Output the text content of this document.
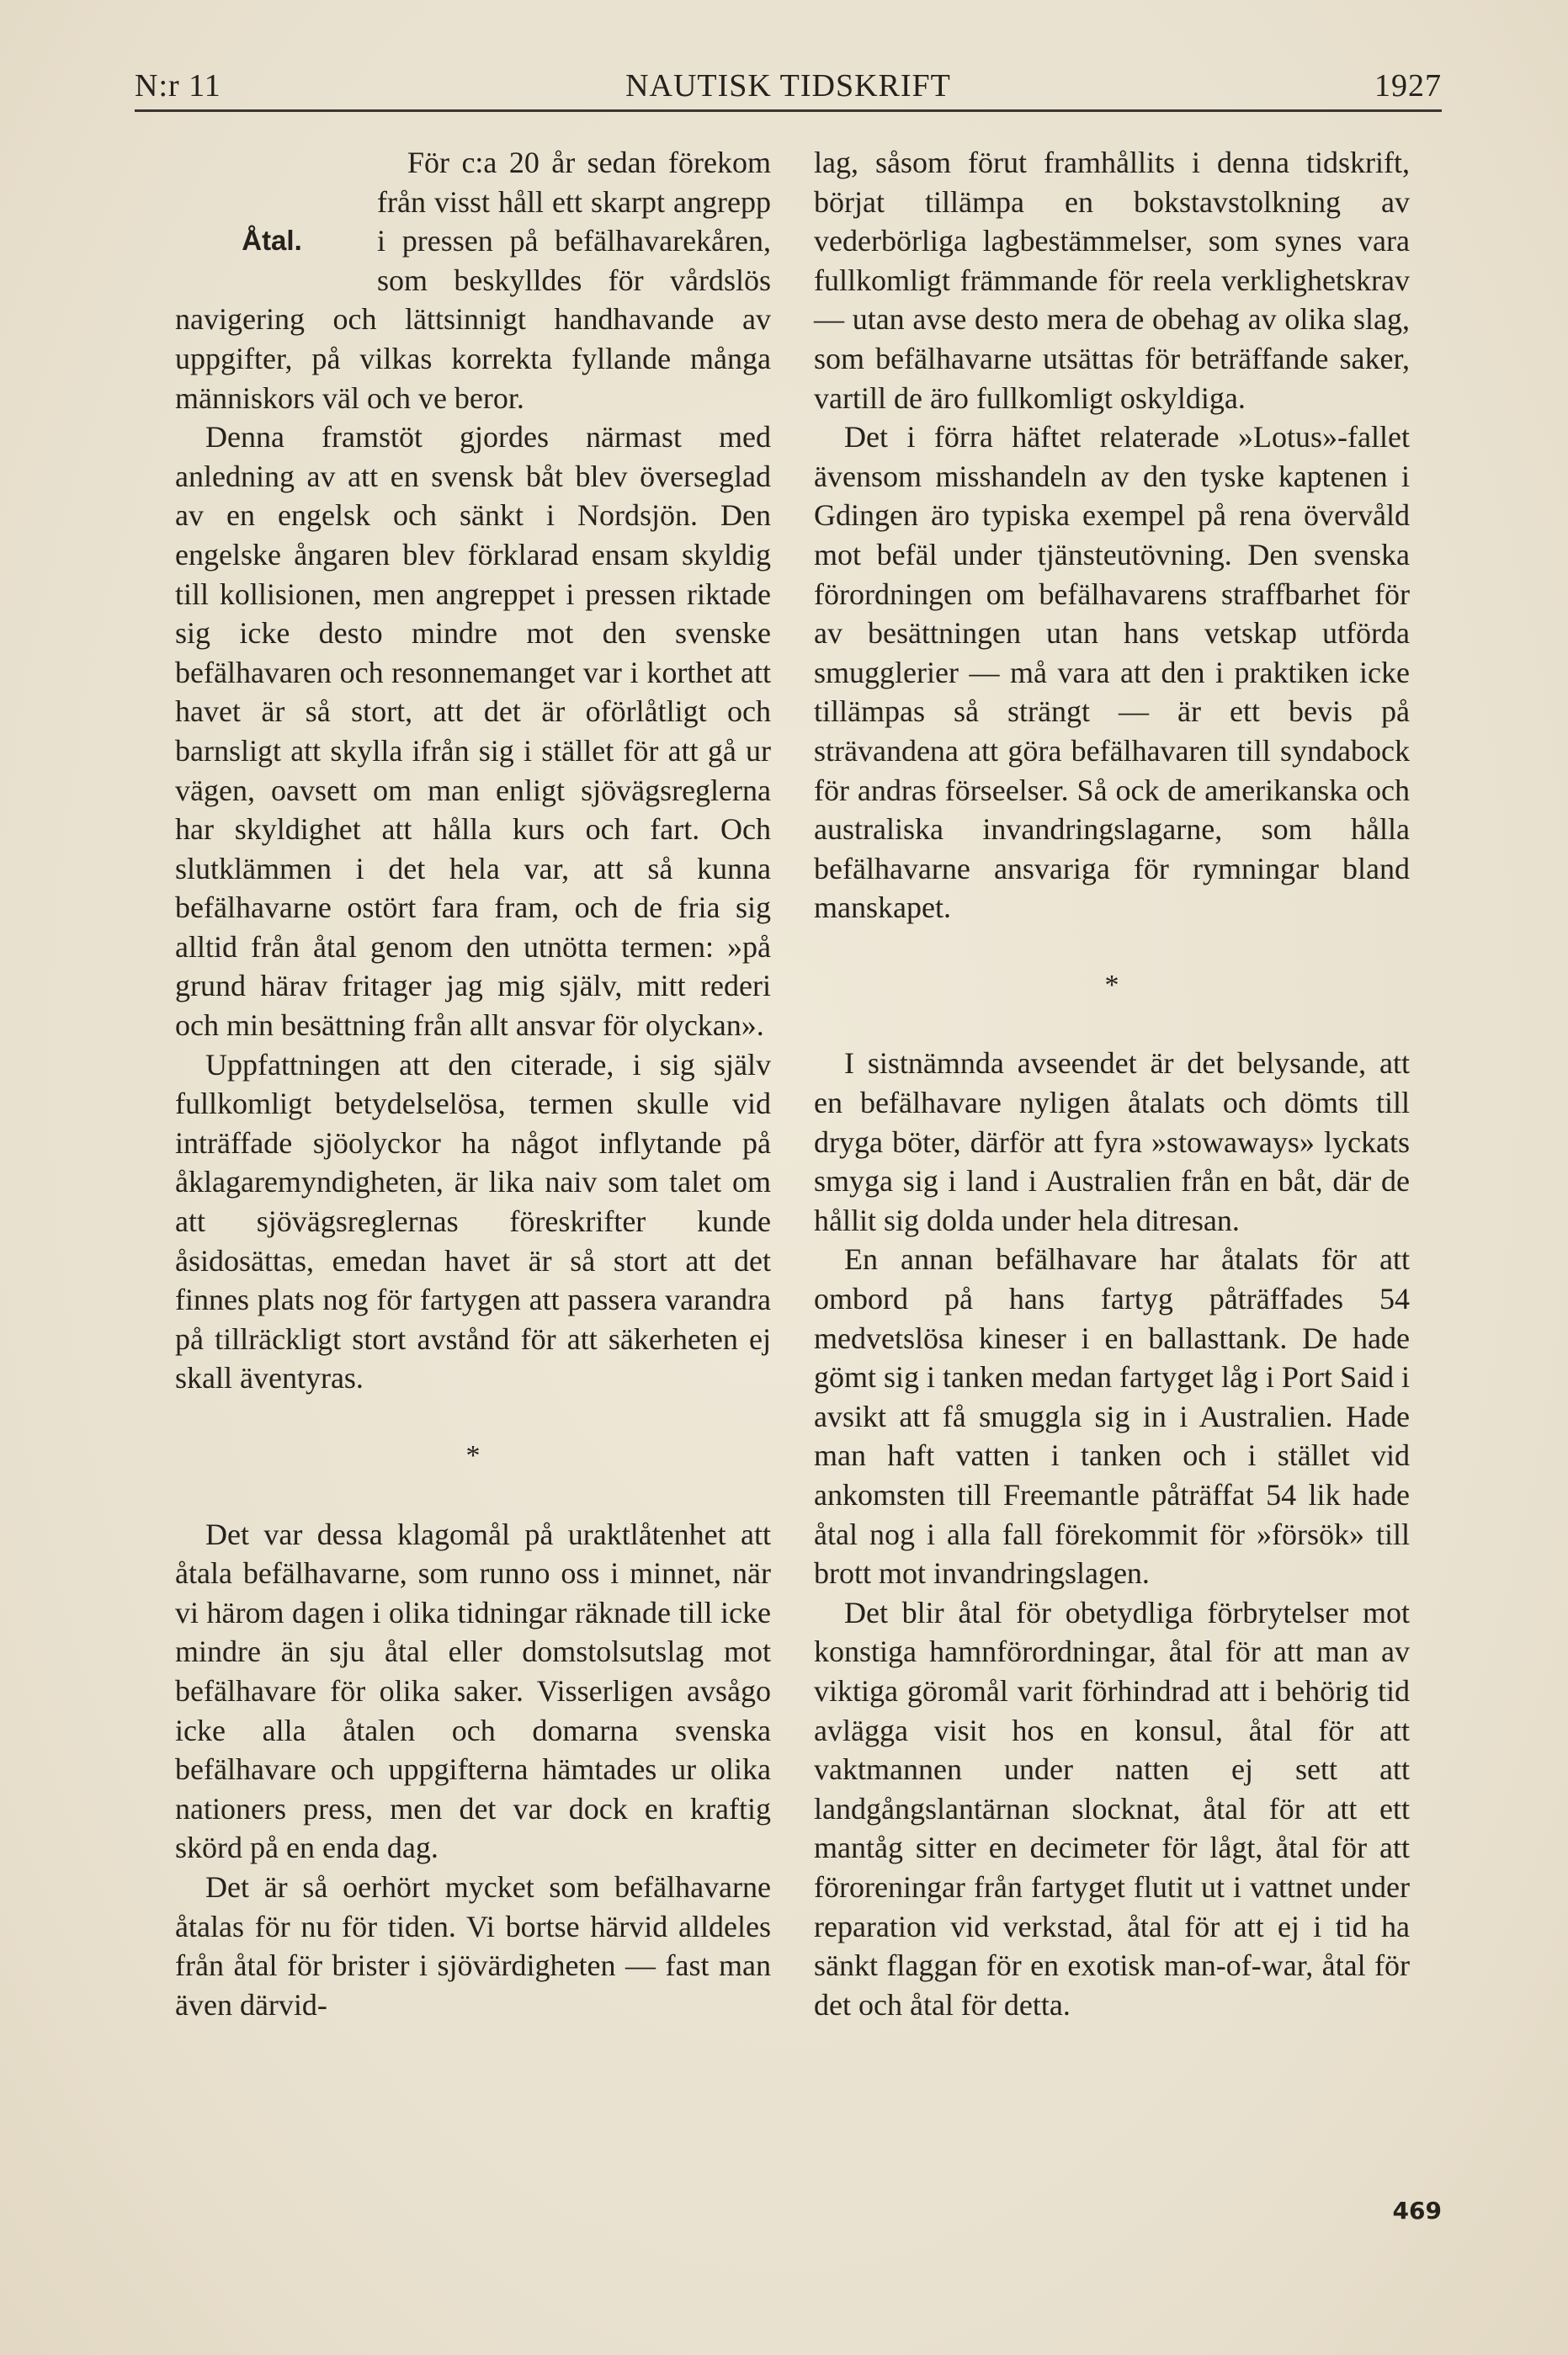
N:r 11	NAUTISK TIDSKRIFT	1927
Åtal.

För c:a 20 år sedan förekom från visst håll ett skarpt angrepp i pressen på befälhavarekåren, som beskylldes för vårdslös navigering och lättsinnigt handhavande av uppgifter, på vilkas korrekta fyllande många människors väl och ve beror.

Denna framstöt gjordes närmast med anledning av att en svensk båt blev överseglad av en engelsk och sänkt i Nordsjön. Den engelske ångaren blev förklarad ensam skyldig till kollisionen, men angreppet i pressen riktade sig icke desto mindre mot den svenske befälhavaren och resonnemanget var i korthet att havet är så stort, att det är oförlåtligt och barnsligt att skylla ifrån sig i stället för att gå ur vägen, oavsett om man enligt sjövägsreglerna har skyldighet att hålla kurs och fart. Och slutklämmen i det hela var, att så kunna befälhavarne ostört fara fram, och de fria sig alltid från åtal genom den utnötta termen: »på grund härav fritager jag mig själv, mitt rederi och min besättning från allt ansvar för olyckan».

Uppfattningen att den citerade, i sig själv fullkomligt betydelselösa, termen skulle vid inträffade sjöolyckor ha något inflytande på åklagaremyndigheten, är lika naiv som talet om att sjövägsreglernas föreskrifter kunde åsidosättas, emedan havet är så stort att det finnes plats nog för fartygen att passera varandra på tillräckligt stort avstånd för att säkerheten ej skall äventyras.

*

Det var dessa klagomål på uraktlåtenhet att åtala befälhavarne, som runno oss i minnet, när vi härom dagen i olika tidningar räknade till icke mindre än sju åtal eller domstolsutslag mot befälhavare för olika saker. Visserligen avsågo icke alla åtalen och domarna svenska befälhavare och uppgifterna hämtades ur olika nationers press, men det var dock en kraftig skörd på en enda dag.

Det är så oerhört mycket som befälhavarne åtalas för nu för tiden. Vi bortse härvid alldeles från åtal för brister i sjövärdigheten — fast man även därvid-

lag, såsom förut framhållits i denna tidskrift, börjat tillämpa en bokstavstolkning av vederbörliga lagbestämmelser, som synes vara fullkomligt främmande för reela verklighetskrav — utan avse desto mera de obehag av olika slag, som befälhavarne utsättas för beträffande saker, vartill de äro fullkomligt oskyldiga.

Det i förra häftet relaterade »Lotus»-fallet ävensom misshandeln av den tyske kaptenen i Gdingen äro typiska exempel på rena övervåld mot befäl under tjänsteutövning. Den svenska förordningen om befälhavarens straffbarhet för av besättningen utan hans vetskap utförda smugglerier — må vara att den i praktiken icke tillämpas så strängt — är ett bevis på strävandena att göra befälhavaren till syndabock för andras förseelser. Så ock de amerikanska och australiska invandringslagarne, som hålla befälhavarne ansvariga för rymningar bland manskapet.

*

I sistnämnda avseendet är det belysande, att en befälhavare nyligen åtalats och dömts till dryga böter, därför att fyra »stowaways» lyckats smyga sig i land i Australien från en båt, där de hållit sig dolda under hela ditresan.

En annan befälhavare har åtalats för att ombord på hans fartyg påträffades 54 medvetslösa kineser i en ballasttank. De hade gömt sig i tanken medan fartyget låg i Port Said i avsikt att få smuggla sig in i Australien. Hade man haft vatten i tanken och i stället vid ankomsten till Freemantle påträffat 54 lik hade åtal nog i alla fall förekommit för »försök» till brott mot invandringslagen.

Det blir åtal för obetydliga förbrytelser mot konstiga hamnförordningar, åtal för att man av viktiga göromål varit förhindrad att i behörig tid avlägga visit hos en konsul, åtal för att vaktmannen under natten ej sett att landgångslantärnan slocknat, åtal för att ett mantåg sitter en decimeter för lågt, åtal för att föroreningar från fartyget flutit ut i vattnet under reparation vid verkstad, åtal för att ej i tid ha sänkt flaggan för en exotisk man-of-war, åtal för det och åtal för detta.

469
